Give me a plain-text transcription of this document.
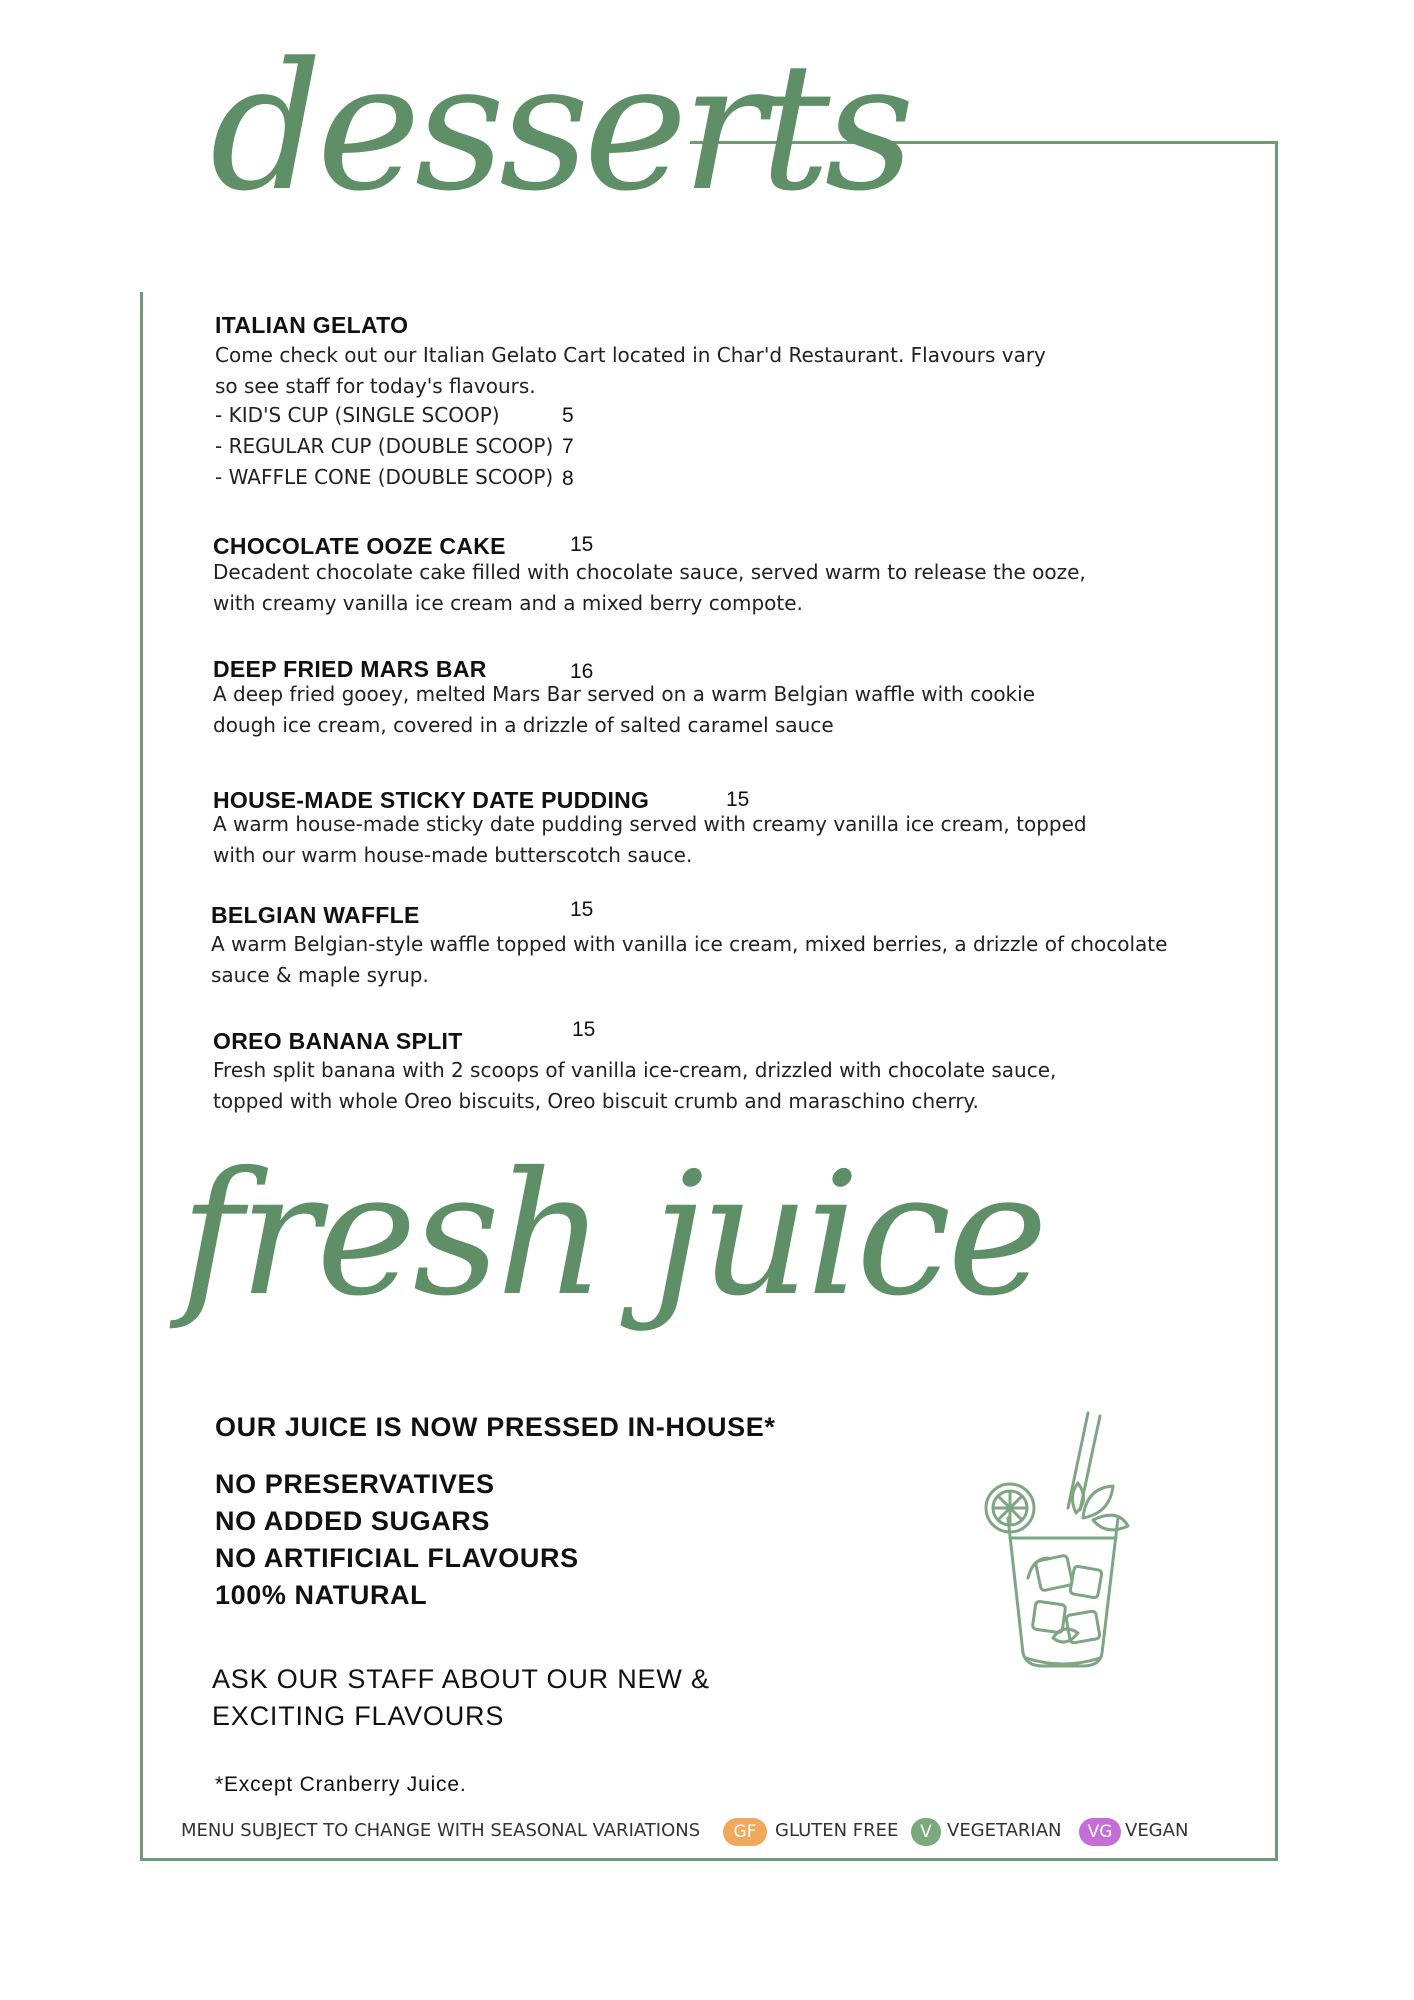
desserts
ITALIAN GELATO
Come check out our Italian Gelato Cart located in Char'd Restaurant. Flavours vary so see staff for today's flavours.
- KID'S CUP (SINGLE SCOOP)	5
- REGULAR CUP (DOUBLE SCOOP) 7
- WAFFLE CONE (DOUBLE SCOOP) 8
CHOCOLATE OOZE CAKE	15
Decadent chocolate cake filled with chocolate sauce, served warm to release the ooze, with creamy vanilla ice cream and a mixed berry compote.
DEEP FRIED MARS BAR	16
A deep fried gooey, melted Mars Bar served on a warm Belgian waffle with cookie dough ice cream, covered in a drizzle of salted caramel sauce
HOUSE-MADE STICKY DATE PUDDING	15
A warm house-made sticky date pudding served with creamy vanilla ice cream, topped with our warm house-made butterscotch sauce.
BELGIAN WAFFLE	15
A warm Belgian-style waffle topped with vanilla ice cream, mixed berries, a drizzle of chocolate sauce & maple syrup.
OREO BANANA SPLIT	15
Fresh split banana with 2 scoops of vanilla ice-cream, drizzled with chocolate sauce, topped with whole Oreo biscuits, Oreo biscuit crumb and maraschino cherry.
fresh juice
OUR JUICE IS NOW PRESSED IN-HOUSE*
NO PRESERVATIVES
NO ADDED SUGARS
NO ARTIFICIAL FLAVOURS
100% NATURAL
ASK OUR STAFF ABOUT OUR NEW & EXCITING FLAVOURS
*Except Cranberry Juice.
MENU SUBJECT TO CHANGE WITH SEASONAL VARIATIONS	GF	GLUTEN FREE	V VEGETARIAN	VG VEGAN
